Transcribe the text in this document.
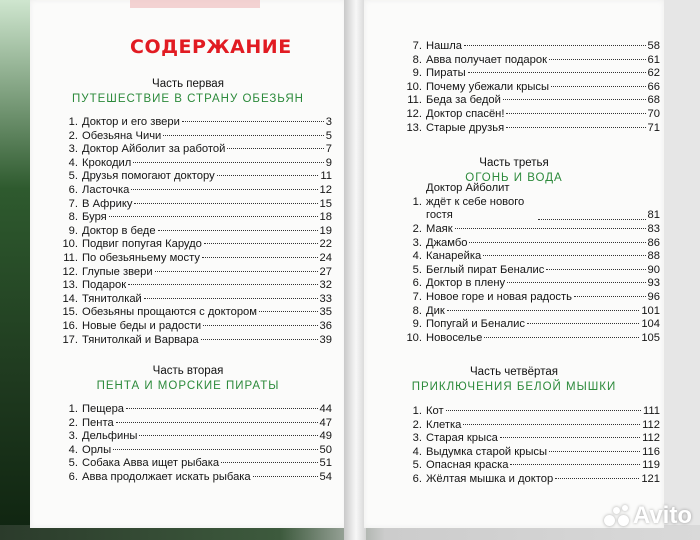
СОДЕРЖАНИЕ
Часть первая
ПУТЕШЕСТВИЕ В СТРАНУ ОБЕЗЬЯН
1. Доктор и его звери	3
2. Обезьяна Чичи	5
3. Доктор Айболит за работой	7
4. Крокодил	9
5. Друзья помогают доктору	11
6. Ласточка	12
7. В Африку	15
8. Буря	18
9. Доктор в беде	19
10. Подвиг попугая Карудо	22
11. По обезьяньему мосту	24
12. Глупые звери	27
13. Подарок	32
14. Тянитолкай	33
15. Обезьяны прощаются с доктором	35
16. Новые беды и радости	36
17. Тянитолкай и Варвара	39
Часть вторая
ПЕНТА И МОРСКИЕ ПИРАТЫ
1. Пещера	44
2. Пента	47
3. Дельфины	49
4. Орлы	50
5. Собака Авва ищет рыбака	51
6. Авва продолжает искать рыбака	54
7. Нашла	58
8. Авва получает подарок	61
9. Пираты	62
10. Почему убежали крысы	66
11. Беда за бедой	68
12. Доктор спасён!	70
13. Старые друзья	71
Часть третья
ОГОНЬ И ВОДА
1.
Доктор Айболит ждёт к себе нового гостя	81
2. Маяк	83
3. Джамбо	86
4. Канарейка	88
5. Беглый пират Беналис	90
6. Доктор в плену	93
7. Новое горе и новая радость	96
8. Дик	101
9. Попугай и Беналис	104
10. Новоселье	105
Часть четвёртая
ПРИКЛЮЧЕНИЯ БЕЛОЙ МЫШКИ
1. Кот	111
2. Клетка	112
3. Старая крыса	112
4. Выдумка старой крысы	116
5. Опасная краска	119
6. Жёлтая мышка и доктор	121
Avito
